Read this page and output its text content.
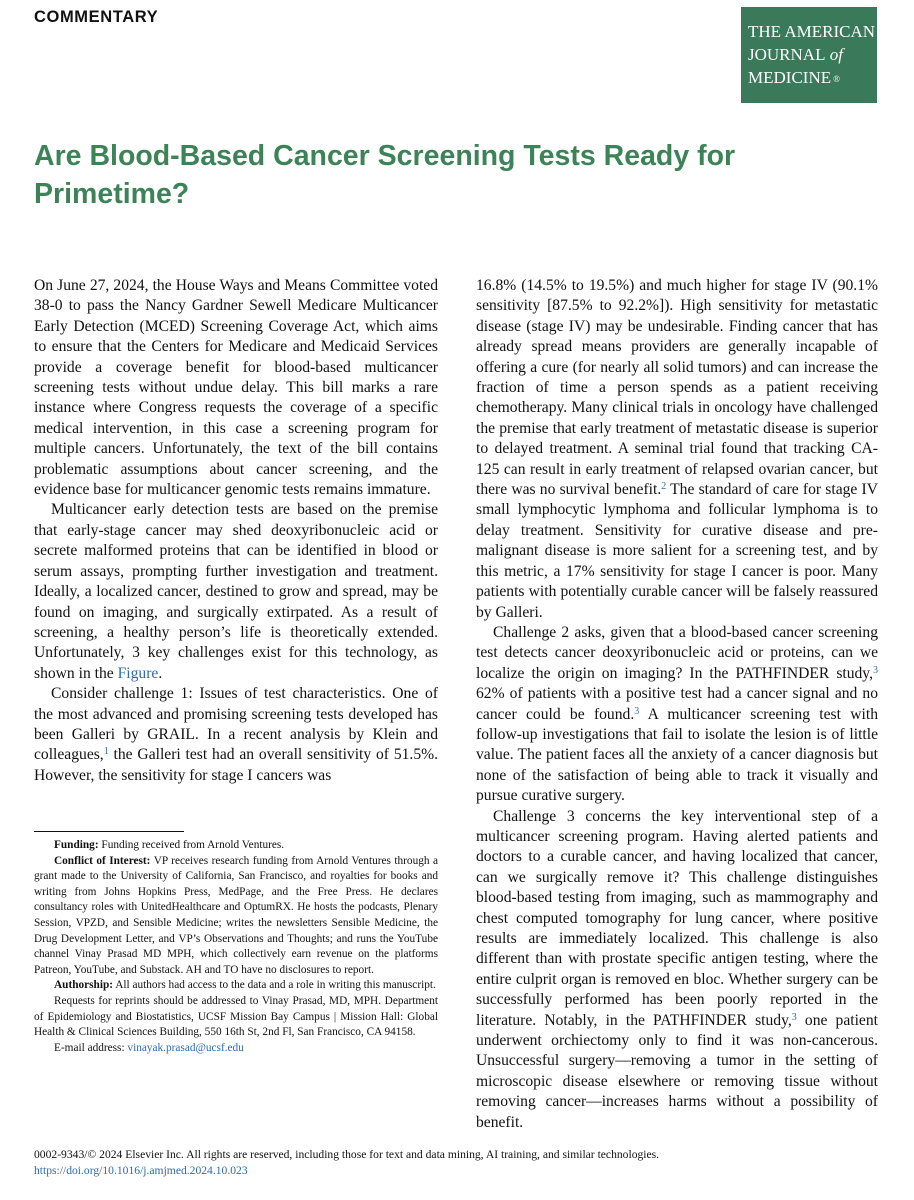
COMMENTARY
THE AMERICAN
JOURNAL of
MEDICINE ®
Are Blood-Based Cancer Screening Tests Ready for Primetime?

On June 27, 2024, the House Ways and Means Committee voted 38-0 to pass the Nancy Gardner Sewell Medicare Multicancer Early Detection (MCED) Screening Coverage Act, which aims to ensure that the Centers for Medicare and Medicaid Services provide a coverage benefit for blood-based multicancer screening tests without undue delay. This bill marks a rare instance where Congress requests the coverage of a specific medical intervention, in this case a screening program for multiple cancers. Unfortunately, the text of the bill contains problematic assumptions about cancer screening, and the evidence base for multicancer genomic tests remains immature.

Multicancer early detection tests are based on the premise that early-stage cancer may shed deoxyribonucleic acid or secrete malformed proteins that can be identified in blood or serum assays, prompting further investigation and treatment. Ideally, a localized cancer, destined to grow and spread, may be found on imaging, and surgically extirpated. As a result of screening, a healthy person’s life is theoretically extended. Unfortunately, 3 key challenges exist for this technology, as shown in the Figure.

Consider challenge 1: Issues of test characteristics. One of the most advanced and promising screening tests developed has been Galleri by GRAIL. In a recent analysis by Klein and colleagues,$^1$ the Galleri test had an overall sensitivity of 51.5%. However, the sensitivity for stage I cancers was

Funding: Funding received from Arnold Ventures.

Conflict of Interest: VP receives research funding from Arnold Ventures through a grant made to the University of California, San Francisco, and royalties for books and writing from Johns Hopkins Press, MedPage, and the Free Press. He declares consultancy roles with UnitedHealthcare and OptumRX. He hosts the podcasts, Plenary Session, VPZD, and Sensible Medicine; writes the newsletters Sensible Medicine, the Drug Development Letter, and VP’s Observations and Thoughts; and runs the YouTube channel Vinay Prasad MD MPH, which collectively earn revenue on the platforms Patreon, YouTube, and Substack. AH and TO have no disclosures to report.

Authorship: All authors had access to the data and a role in writing this manuscript.

Requests for reprints should be addressed to Vinay Prasad, MD, MPH. Department of Epidemiology and Biostatistics, UCSF Mission Bay Campus | Mission Hall: Global Health & Clinical Sciences Building, 550 16th St, 2nd Fl, San Francisco, CA 94158.

E-mail address: vinayak.prasad@ucsf.edu

16.8% (14.5% to 19.5%) and much higher for stage IV (90.1% sensitivity [87.5% to 92.2%]). High sensitivity for metastatic disease (stage IV) may be undesirable. Finding cancer that has already spread means providers are generally incapable of offering a cure (for nearly all solid tumors) and can increase the fraction of time a person spends as a patient receiving chemotherapy. Many clinical trials in oncology have challenged the premise that early treatment of metastatic disease is superior to delayed treatment. A seminal trial found that tracking CA-125 can result in early treatment of relapsed ovarian cancer, but there was no survival benefit.$^2$ The standard of care for stage IV small lymphocytic lymphoma and follicular lymphoma is to delay treatment. Sensitivity for curative disease and pre-malignant disease is more salient for a screening test, and by this metric, a 17% sensitivity for stage I cancer is poor. Many patients with potentially curable cancer will be falsely reassured by Galleri.

Challenge 2 asks, given that a blood-based cancer screening test detects cancer deoxyribonucleic acid or proteins, can we localize the origin on imaging? In the PATHFINDER study,$^3$ 62% of patients with a positive test had a cancer signal and no cancer could be found.$^3$ A multicancer screening test with follow-up investigations that fail to isolate the lesion is of little value. The patient faces all the anxiety of a cancer diagnosis but none of the satisfaction of being able to track it visually and pursue curative surgery.

Challenge 3 concerns the key interventional step of a multicancer screening program. Having alerted patients and doctors to a curable cancer, and having localized that cancer, can we surgically remove it? This challenge distinguishes blood-based testing from imaging, such as mammography and chest computed tomography for lung cancer, where positive results are immediately localized. This challenge is also different than with prostate specific antigen testing, where the entire culprit organ is removed en bloc. Whether surgery can be successfully performed has been poorly reported in the literature. Notably, in the PATHFINDER study,$^3$ one patient underwent orchiectomy only to find it was non-cancerous. Unsuccessful surgery—removing a tumor in the setting of microscopic disease elsewhere or removing tissue without removing cancer—increases harms without a possibility of benefit.

0002-9343/© 2024 Elsevier Inc. All rights are reserved, including those for text and data mining, AI training, and similar technologies.
https://doi.org/10.1016/j.amjmed.2024.10.023
